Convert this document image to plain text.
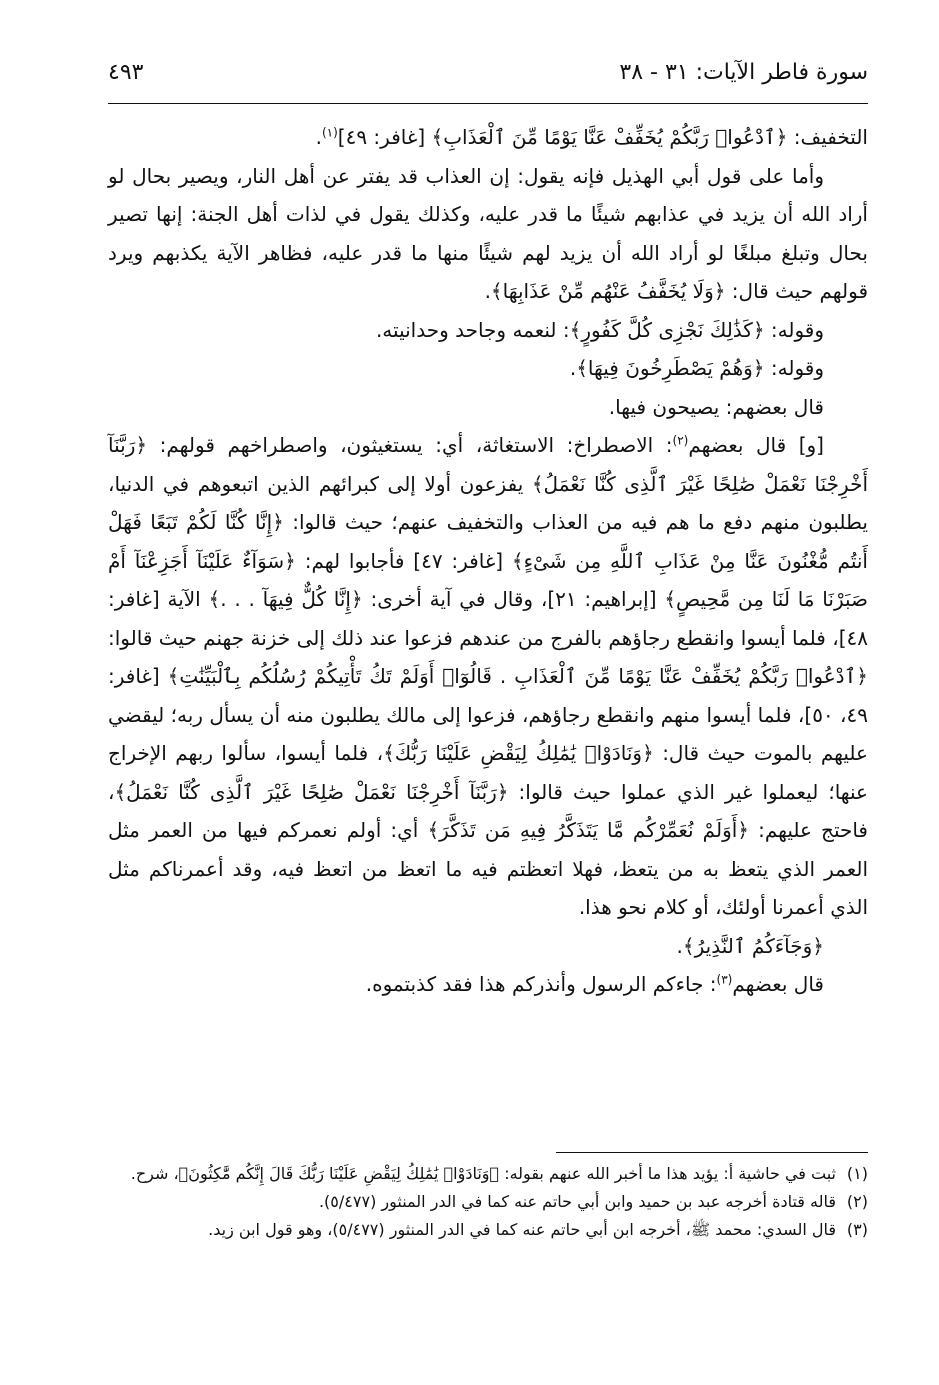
سورة فاطر الآيات: ٣١ - ٣٨
٤٩٣

التخفيف: ﴿ٱدْعُوا۟ رَبَّكُمْ يُخَفِّفْ عَنَّا يَوْمًا مِّنَ ٱلْعَذَابِ﴾ [غافر: ٤٩]$^{(١)}$.

وأما على قول أبي الهذيل فإنه يقول: إن العذاب قد يفتر عن أهل النار، ويصير بحال لو أراد الله أن يزيد في عذابهم شيئًا ما قدر عليه، وكذلك يقول في لذات أهل الجنة: إنها تصير بحال وتبلغ مبلغًا لو أراد الله أن يزيد لهم شيئًا منها ما قدر عليه، فظاهر الآية يكذبهم ويرد قولهم حيث قال: ﴿وَلَا يُخَفَّفُ عَنْهُم مِّنْ عَذَابِهَا﴾.

وقوله: ﴿كَذَٰلِكَ نَجْزِى كُلَّ كَفُورٍ﴾: لنعمه وجاحد وحدانيته.

وقوله: ﴿وَهُمْ يَصْطَرِخُونَ فِيهَا﴾.

قال بعضهم: يصيحون فيها.

[و] قال بعضهم$^{(٢)}$: الاصطراخ: الاستغاثة، أي: يستغيثون، واصطراخهم قولهم: ﴿رَبَّنَآ أَخْرِجْنَا نَعْمَلْ صَٰلِحًا غَيْرَ ٱلَّذِى كُنَّا نَعْمَلُ﴾ يفزعون أولا إلى كبرائهم الذين اتبعوهم في الدنيا، يطلبون منهم دفع ما هم فيه من العذاب والتخفيف عنهم؛ حيث قالوا: ﴿إِنَّا كُنَّا لَكُمْ تَبَعًا فَهَلْ أَنتُم مُّغْنُونَ عَنَّا مِنْ عَذَابِ ٱللَّهِ مِن شَىْءٍ﴾ [غافر: ٤٧] فأجابوا لهم: ﴿سَوَآءٌ عَلَيْنَآ أَجَزِعْنَآ أَمْ صَبَرْنَا مَا لَنَا مِن مَّحِيصٍ﴾ [إبراهيم: ٢١]، وقال في آية أخرى: ﴿إِنَّا كُلٌّ فِيهَآ . . .﴾ الآية [غافر: ٤٨]، فلما أيسوا وانقطع رجاؤهم بالفرج من عندهم فزعوا عند ذلك إلى خزنة جهنم حيث قالوا: ﴿ٱدْعُوا۟ رَبَّكُمْ يُخَفِّفْ عَنَّا يَوْمًا مِّنَ ٱلْعَذَابِ . قَالُوٓا۟ أَوَلَمْ تَكُ تَأْتِيكُمْ رُسُلُكُم بِٱلْبَيِّنَٰتِ﴾ [غافر: ٤٩، ٥٠]، فلما أيسوا منهم وانقطع رجاؤهم، فزعوا إلى مالك يطلبون منه أن يسأل ربه؛ ليقضي عليهم بالموت حيث قال: ﴿وَنَادَوْا۟ يَٰمَٰلِكُ لِيَقْضِ عَلَيْنَا رَبُّكَ﴾، فلما أيسوا، سألوا ربهم الإخراج عنها؛ ليعملوا غير الذي عملوا حيث قالوا: ﴿رَبَّنَآ أَخْرِجْنَا نَعْمَلْ صَٰلِحًا غَيْرَ ٱلَّذِى كُنَّا نَعْمَلُ﴾، فاحتج عليهم: ﴿أَوَلَمْ نُعَمِّرْكُم مَّا يَتَذَكَّرُ فِيهِ مَن تَذَكَّرَ﴾ أي: أولم نعمركم فيها من العمر مثل العمر الذي يتعظ به من يتعظ، فهلا اتعظتم فيه ما اتعظ من اتعظ فيه، وقد أعمرناكم مثل الذي أعمرنا أولئك، أو كلام نحو هذا.

﴿وَجَآءَكُمُ ٱلنَّذِيرُ﴾.

قال بعضهم$^{(٣)}$: جاءكم الرسول وأنذركم هذا فقد كذبتموه.

(١)
ثبت في حاشية أ: يؤيد هذا ما أخبر الله عنهم بقوله: ﴿وَنَادَوْا۟ يَٰمَٰلِكُ لِيَقْضِ عَلَيْنَا رَبُّكَ قَالَ إِنَّكُم مَّٰكِثُونَ﴾، شرح.
(٢)
قاله قتادة أخرجه عبد بن حميد وابن أبي حاتم عنه كما في الدر المنثور (٥/٤٧٧).
(٣)
قال السدي: محمد ﷺ، أخرجه ابن أبي حاتم عنه كما في الدر المنثور (٥/٤٧٧)، وهو قول ابن زيد.
